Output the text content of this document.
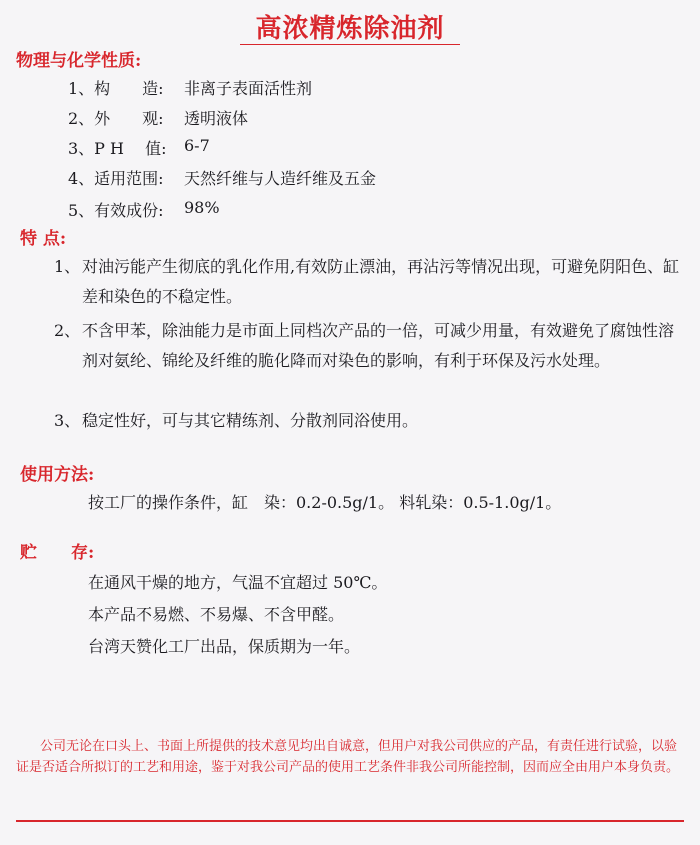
高浓精炼除油剂
物理与化学性质:
1、构　　造:	非离子表面活性剂
2、外　　观:	透明液体
3、P H 　值:	6-7
4、适用范围:	天然纤维与人造纤维及五金
5、有效成份:	98%
特 点:
1、 对油污能产生彻底的乳化作用,有效防止漂油，再沾污等情况出现，可避免阴阳色、缸差和染色的不稳定性。
2、 不含甲苯，除油能力是市面上同档次产品的一倍，可减少用量，有效避免了腐蚀性溶剂对氨纶、锦纶及纤维的脆化降而对染色的影响，有利于环保及污水处理。
3、 稳定性好，可与其它精练剂、分散剂同浴使用。
使用方法:
按工厂的操作条件，缸　染：0.2-0.5g/1。 料轧染：0.5-1.0g/1。
贮　　存:
在通风干燥的地方，气温不宜超过 50℃。
本产品不易燃、不易爆、不含甲醛。
台湾天赞化工厂出品，保质期为一年。
公司无论在口头上、书面上所提供的技术意见均出自诚意，但用户对我公司供应的产品，有责任进行试验，以验证是否适合所拟订的工艺和用途，鉴于对我公司产品的使用工艺条件非我公司所能控制，因而应全由用户本身负责。
